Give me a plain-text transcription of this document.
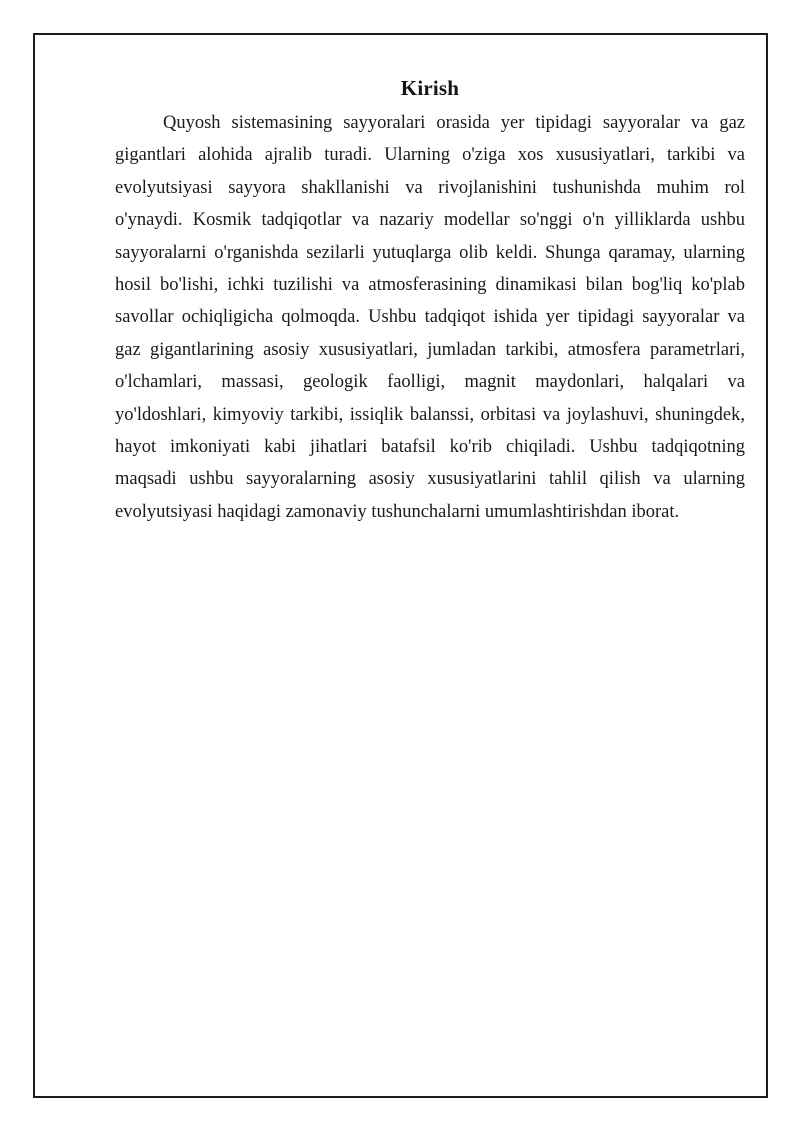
Kirish
Quyosh sistemasining sayyoralari orasida yer tipidagi sayyoralar va gaz
gigantlari alohida ajralib turadi. Ularning o'ziga xos xususiyatlari, tarkibi va
evolyutsiyasi sayyora shakllanishi va rivojlanishini tushunishda muhim rol
o'ynaydi. Kosmik tadqiqotlar va nazariy modellar so'nggi o'n yilliklarda ushbu
sayyoralarni o'rganishda sezilarli yutuqlarga olib keldi. Shunga qaramay, ularning
hosil bo'lishi, ichki tuzilishi va atmosferasining dinamikasi bilan bog'liq ko'plab
savollar ochiqligicha qolmoqda. Ushbu tadqiqot ishida yer tipidagi sayyoralar va
gaz gigantlarining asosiy xususiyatlari, jumladan tarkibi, atmosfera parametrlari,
o'lchamlari, massasi, geologik faolligi, magnit maydonlari, halqalari va
yo'ldoshlari, kimyoviy tarkibi, issiqlik balanssi, orbitasi va joylashuvi, shuningdek,
hayot imkoniyati kabi jihatlari batafsil ko'rib chiqiladi. Ushbu tadqiqotning
maqsadi ushbu sayyoralarning asosiy xususiyatlarini tahlil qilish va ularning
evolyutsiyasi haqidagi zamonaviy tushunchalarni umumlashtirishdan iborat.
